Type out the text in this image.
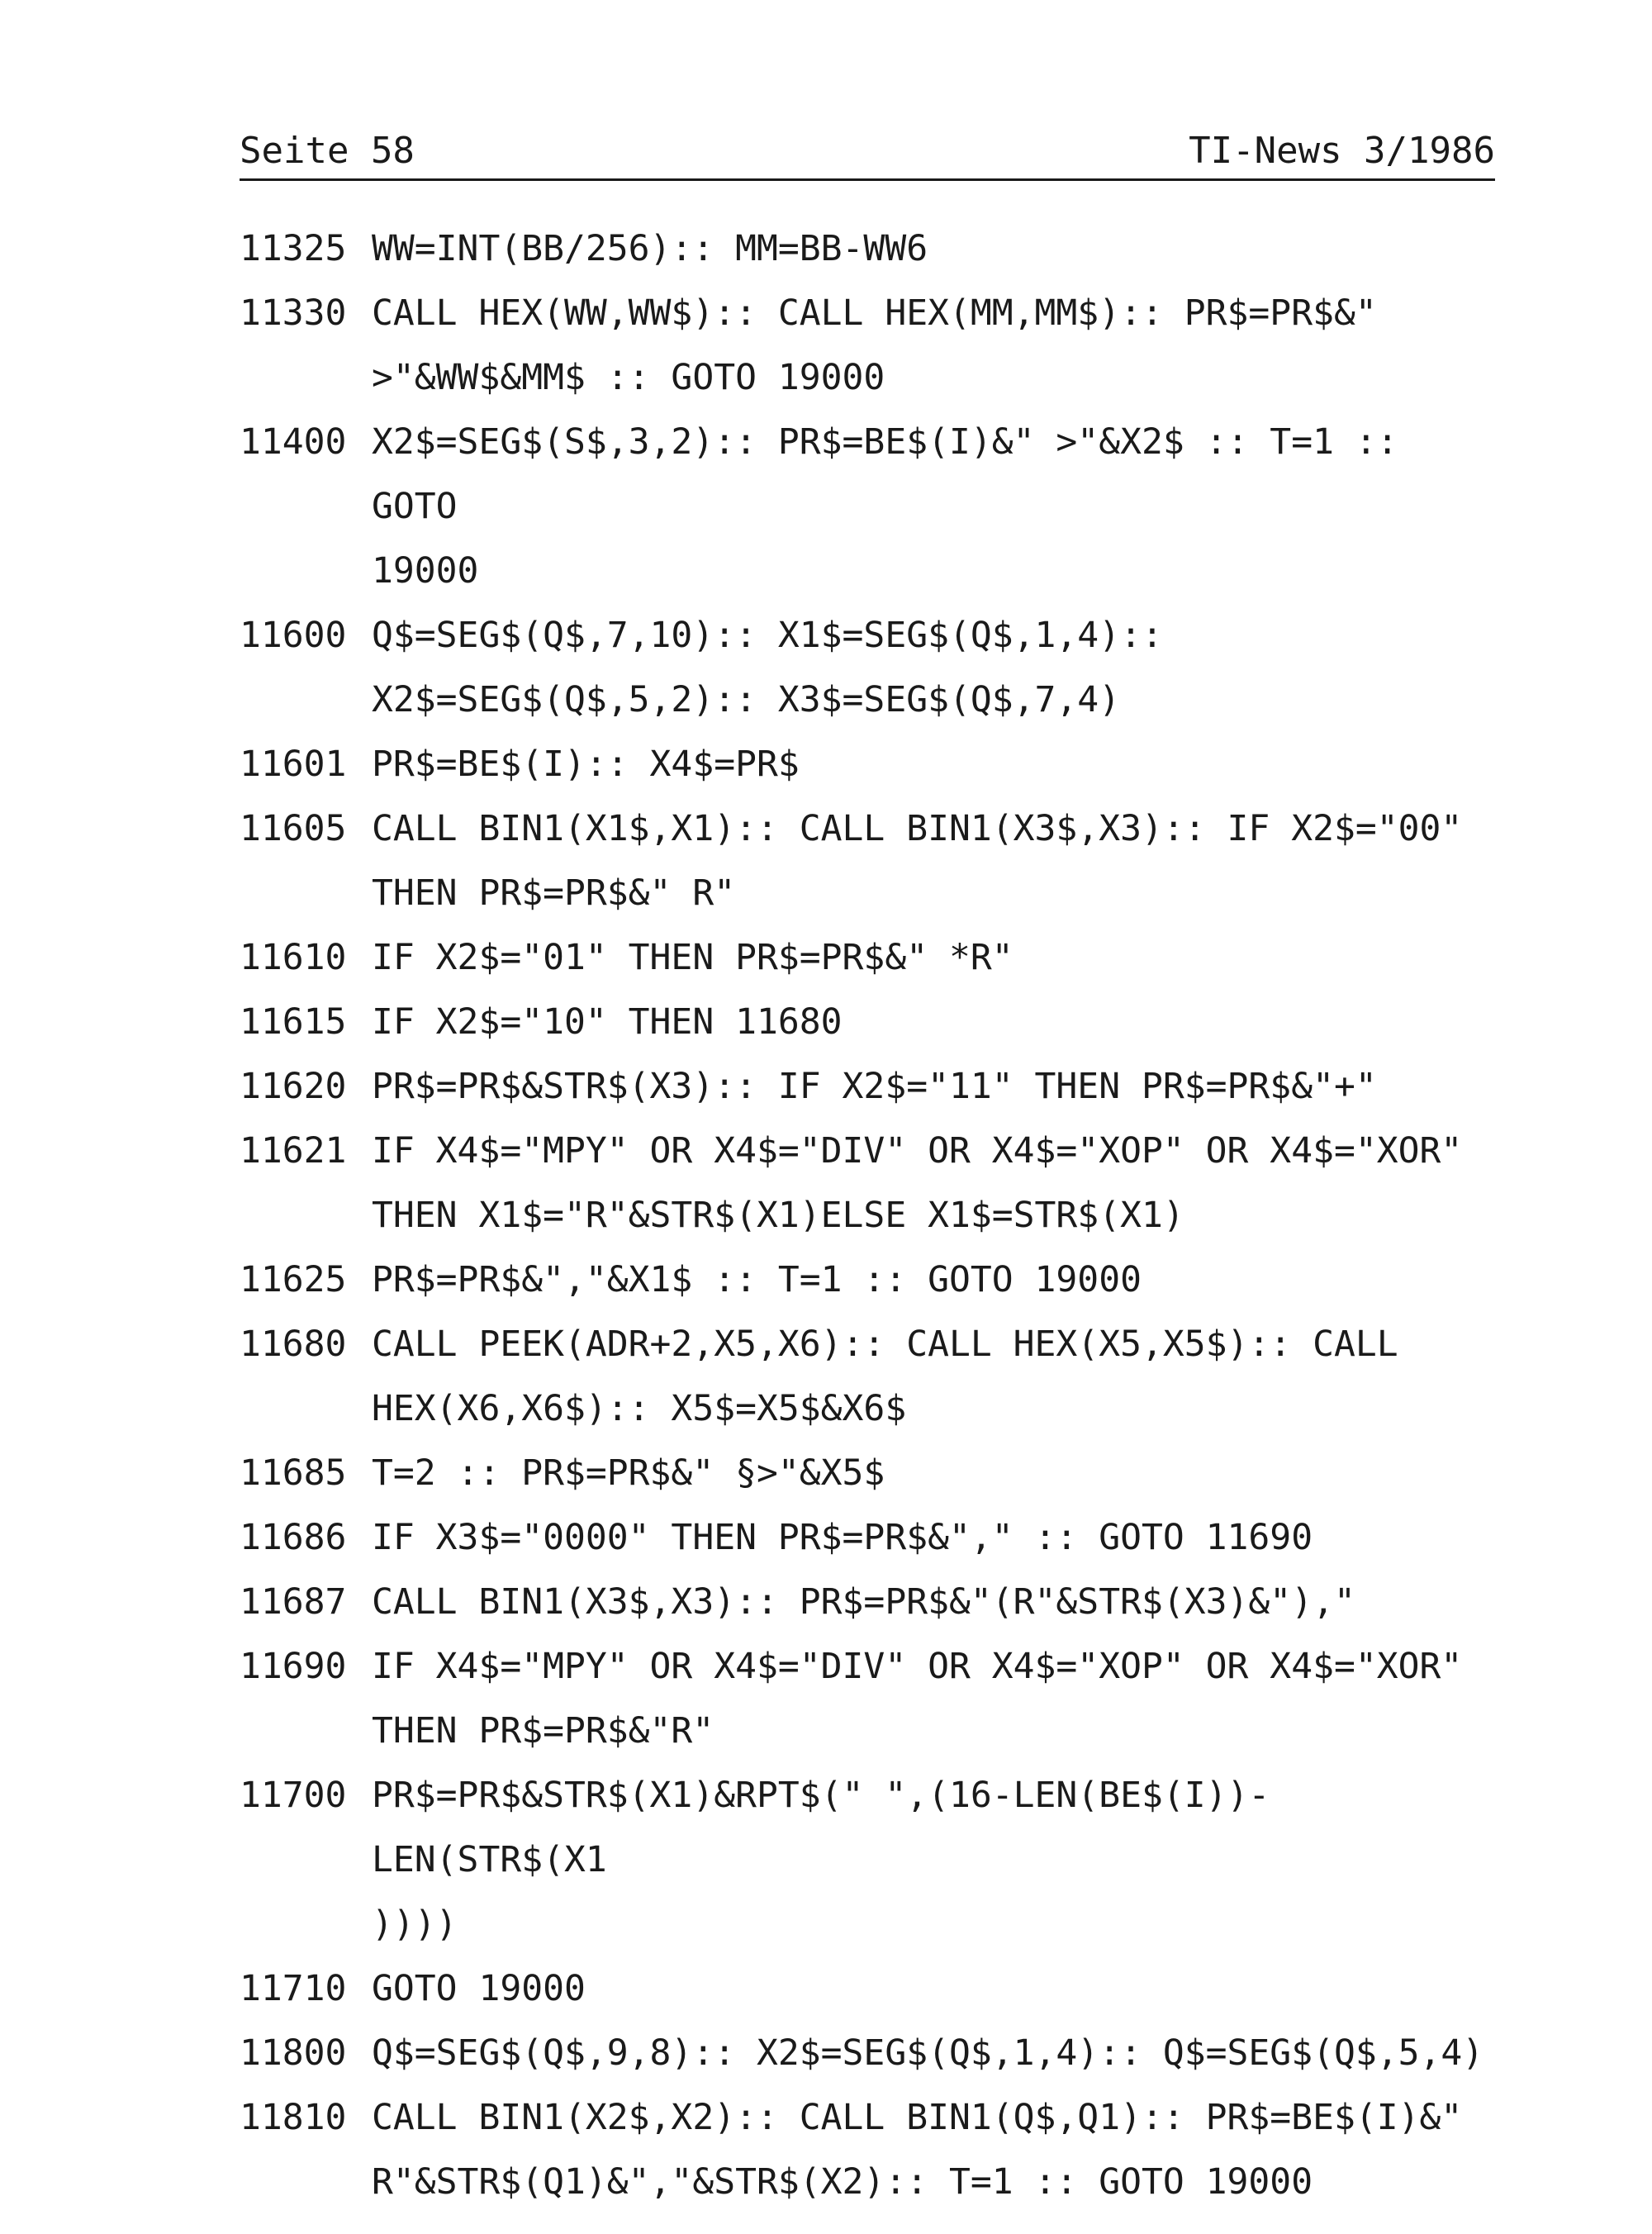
Seite 58	TI-News 3/1986
11325 WW=INT(BB/256):: MM=BB-WW6
11330 CALL HEX(WW,WW$):: CALL HEX(MM,MM$):: PR$=PR$&"
>"&WW$&MM$ :: GOTO 19000
11400 X2$=SEG$(S$,3,2):: PR$=BE$(I)&" >"&X2$ :: T=1 :: GOTO
19000
11600 Q$=SEG$(Q$,7,10):: X1$=SEG$(Q$,1,4)::
X2$=SEG$(Q$,5,2):: X3$=SEG$(Q$,7,4)
11601 PR$=BE$(I):: X4$=PR$
11605 CALL BIN1(X1$,X1):: CALL BIN1(X3$,X3):: IF X2$="00"
THEN PR$=PR$&" R"
11610 IF X2$="01" THEN PR$=PR$&" *R"
11615 IF X2$="10" THEN 11680
11620 PR$=PR$&STR$(X3):: IF X2$="11" THEN PR$=PR$&"+"
11621 IF X4$="MPY" OR X4$="DIV" OR X4$="XOP" OR X4$="XOR"
THEN X1$="R"&STR$(X1)ELSE X1$=STR$(X1)
11625 PR$=PR$&","&X1$ :: T=1 :: GOTO 19000
11680 CALL PEEK(ADR+2,X5,X6):: CALL HEX(X5,X5$):: CALL
HEX(X6,X6$):: X5$=X5$&X6$
11685 T=2 :: PR$=PR$&" §>"&X5$
11686 IF X3$="0000" THEN PR$=PR$&"," :: GOTO 11690
11687 CALL BIN1(X3$,X3):: PR$=PR$&"(R"&STR$(X3)&"),"
11690 IF X4$="MPY" OR X4$="DIV" OR X4$="XOP" OR X4$="XOR"
THEN PR$=PR$&"R"
11700 PR$=PR$&STR$(X1)&RPT$(" ",(16-LEN(BE$(I))-LEN(STR$(X1
))))
11710 GOTO 19000
11800 Q$=SEG$(Q$,9,8):: X2$=SEG$(Q$,1,4):: Q$=SEG$(Q$,5,4)
11810 CALL BIN1(X2$,X2):: CALL BIN1(Q$,Q1):: PR$=BE$(I)&"
R"&STR$(Q1)&","&STR$(X2):: T=1 :: GOTO 19000
